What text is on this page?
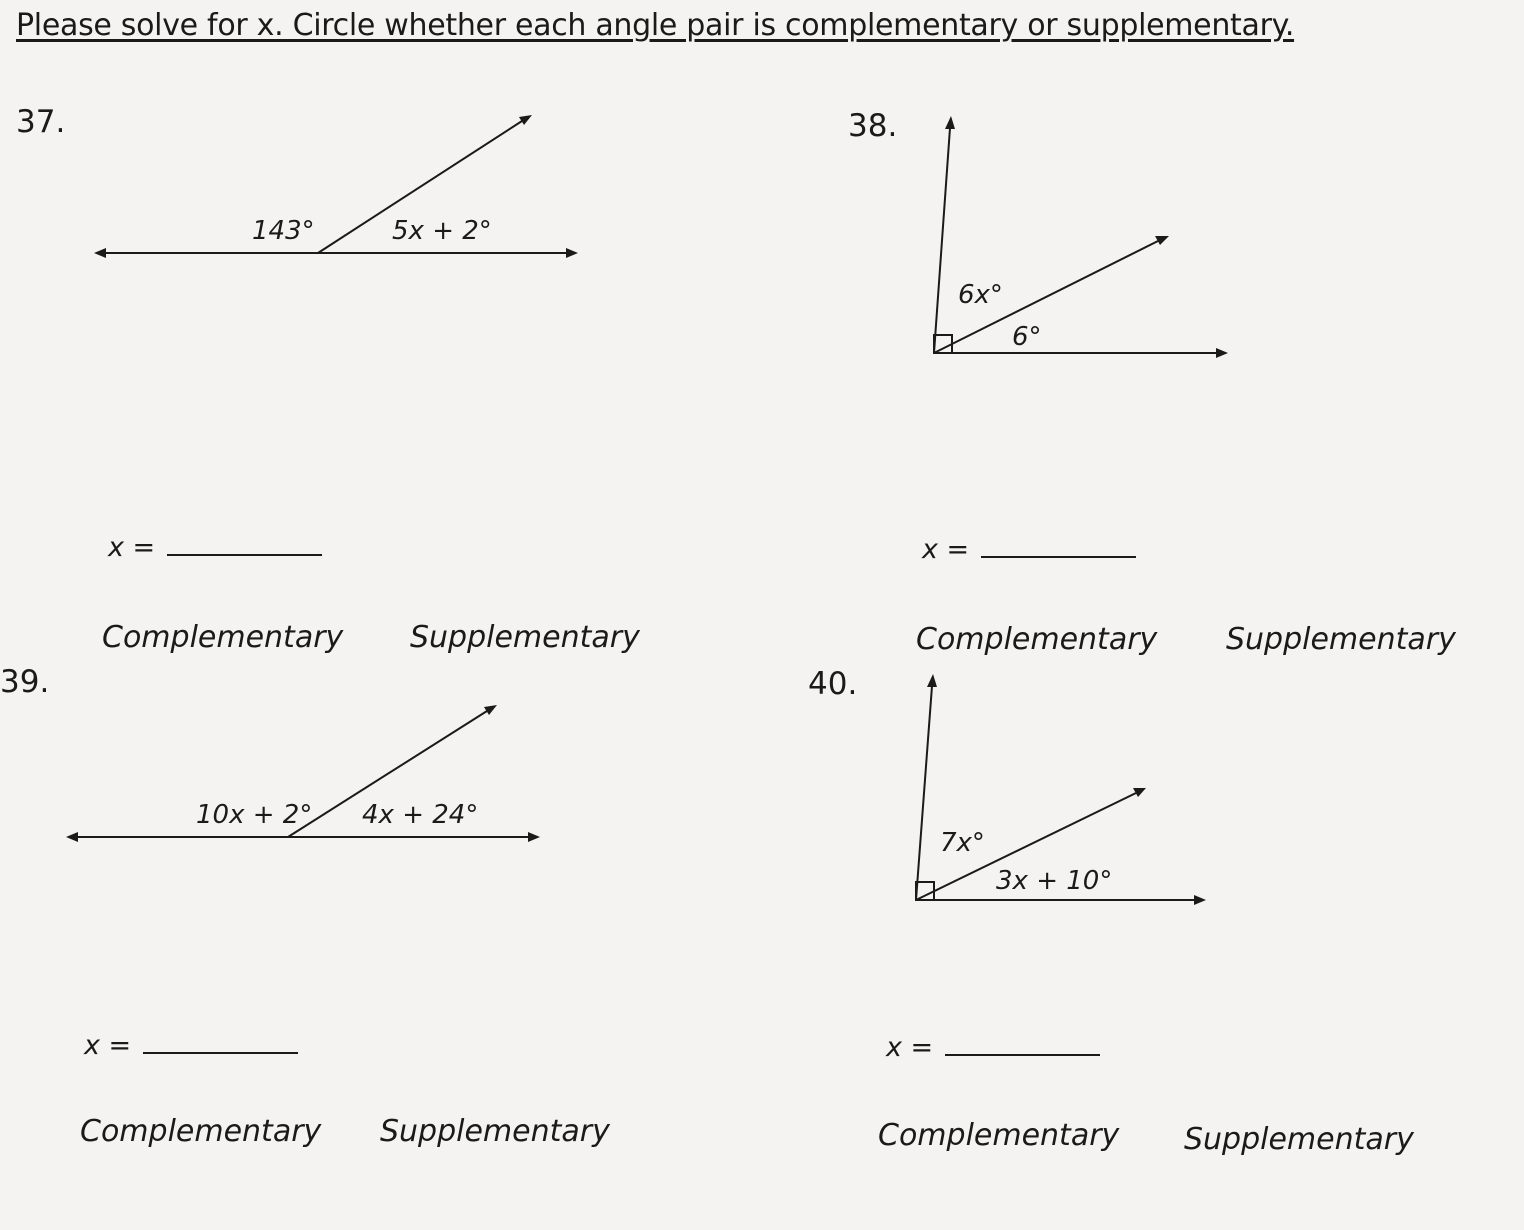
Please solve for x. Circle whether each angle pair is complementary or supplementary.
37.
143°	5x + 2°
x =
Complementary Supplementary
38.
6x°
6°
x =
Complementary Supplementary
39.
10x + 2° 4x + 24°
x =
Complementary Supplementary
40.
7x°
3x + 10°
x =
Complementary Supplementary
